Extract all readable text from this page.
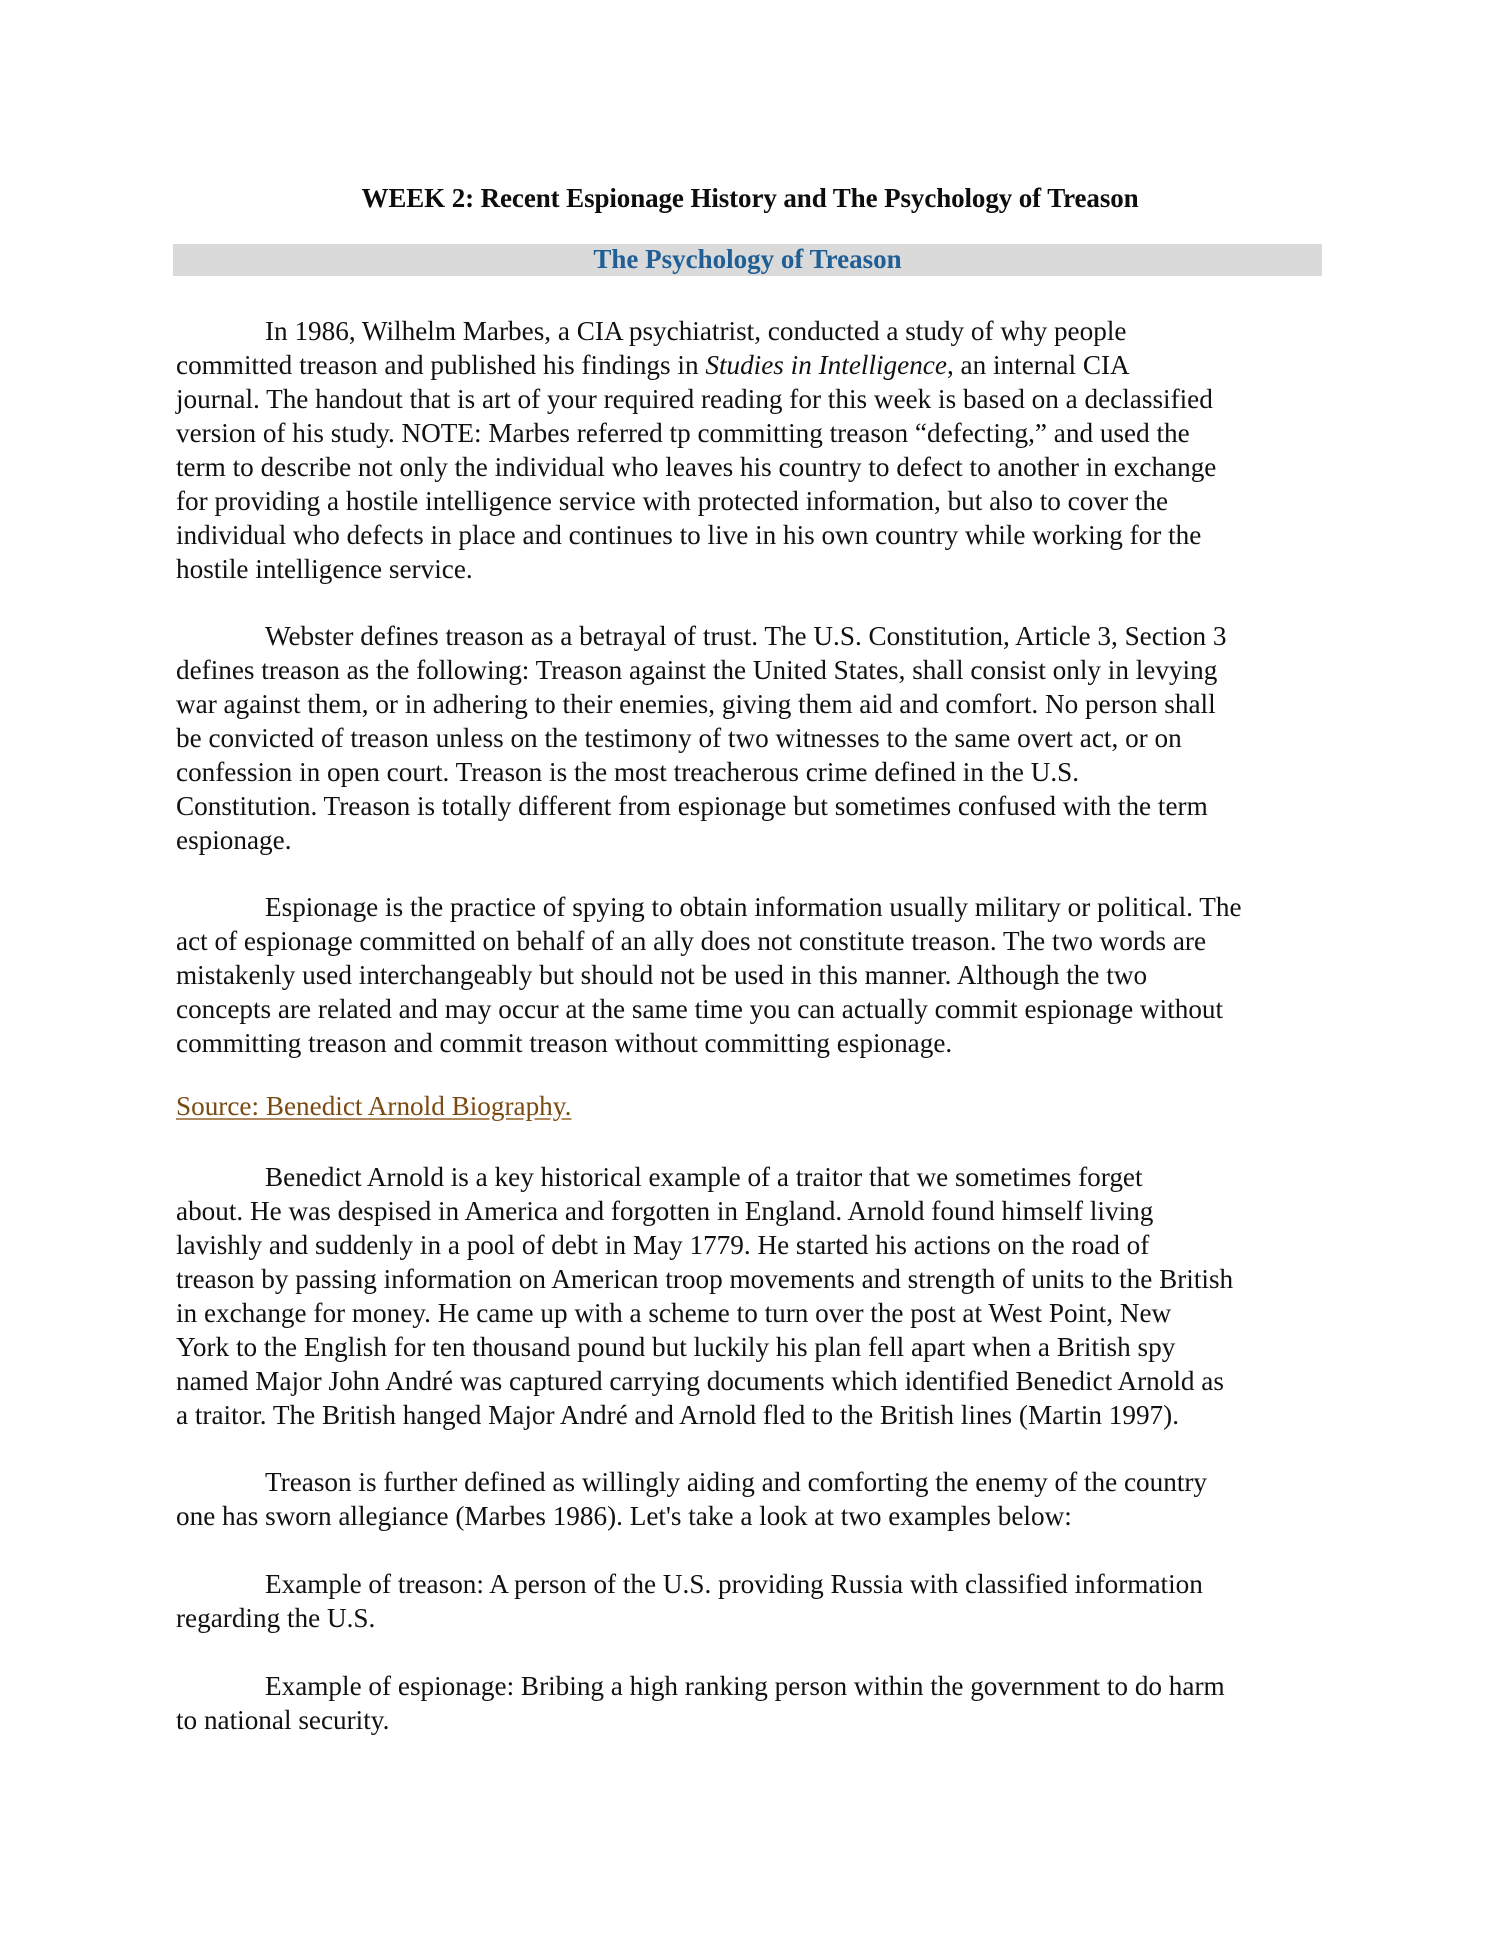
WEEK 2: Recent Espionage History and The Psychology of Treason
The Psychology of Treason
In 1986, Wilhelm Marbes, a CIA psychiatrist, conducted a study of why people
committed treason and published his findings in Studies in Intelligence, an internal CIA
journal. The handout that is art of your required reading for this week is based on a declassified
version of his study. NOTE: Marbes referred tp committing treason “defecting,” and used the
term to describe not only the individual who leaves his country to defect to another in exchange
for providing a hostile intelligence service with protected information, but also to cover the
individual who defects in place and continues to live in his own country while working for the
hostile intelligence service.
Webster defines treason as a betrayal of trust. The U.S. Constitution, Article 3, Section 3
defines treason as the following: Treason against the United States, shall consist only in levying
war against them, or in adhering to their enemies, giving them aid and comfort. No person shall
be convicted of treason unless on the testimony of two witnesses to the same overt act, or on
confession in open court. Treason is the most treacherous crime defined in the U.S.
Constitution. Treason is totally different from espionage but sometimes confused with the term
espionage.
Espionage is the practice of spying to obtain information usually military or political. The
act of espionage committed on behalf of an ally does not constitute treason. The two words are
mistakenly used interchangeably but should not be used in this manner. Although the two
concepts are related and may occur at the same time you can actually commit espionage without
committing treason and commit treason without committing espionage.
Source: Benedict Arnold Biography.
Benedict Arnold is a key historical example of a traitor that we sometimes forget
about. He was despised in America and forgotten in England. Arnold found himself living
lavishly and suddenly in a pool of debt in May 1779. He started his actions on the road of
treason by passing information on American troop movements and strength of units to the British
in exchange for money. He came up with a scheme to turn over the post at West Point, New
York to the English for ten thousand pound but luckily his plan fell apart when a British spy
named Major John André was captured carrying documents which identified Benedict Arnold as
a traitor. The British hanged Major André and Arnold fled to the British lines (Martin 1997).
Treason is further defined as willingly aiding and comforting the enemy of the country
one has sworn allegiance (Marbes 1986). Let's take a look at two examples below:
Example of treason: A person of the U.S. providing Russia with classified information
regarding the U.S.
Example of espionage: Bribing a high ranking person within the government to do harm
to national security.
